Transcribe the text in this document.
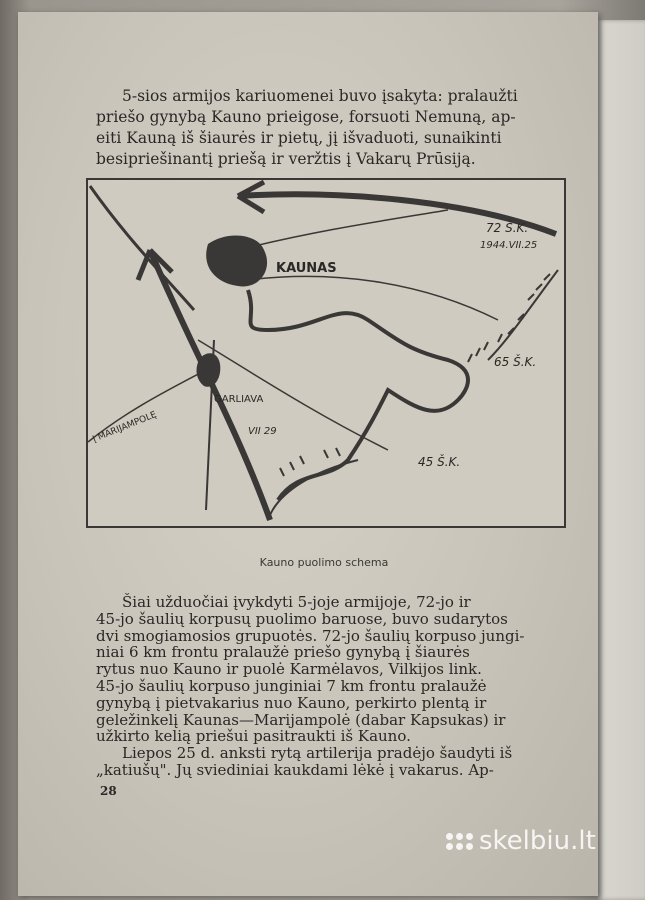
5-sios armijos kariuomenei buvo įsakyta: pralaužti
priešo gynybą Kauno prieigose, forsuoti Nemuną, ap-
eiti Kauną iš šiaurės ir pietų, jį išvaduoti, sunaikinti
besipriešinantį priešą ir veržtis į Vakarų Prūsiją.
KAUNAS
GARLIAVA
Į MARIJAMPOLĘ	VII 29
72 Š.K.
1944.VII.25
65 Š.K.
45 Š.K.
Kauno puolimo schema
Šiai užduočiai įvykdyti 5-joje armijoje, 72-jo ir
45-jo šaulių korpusų puolimo baruose, buvo sudarytos
dvi smogiamosios grupuotės. 72-jo šaulių korpuso jungi-
niai 6 km frontu pralaužė priešo gynybą į šiaurės
rytus nuo Kauno ir puolė Karmėlavos, Vilkijos link.
45-jo šaulių korpuso junginiai 7 km frontu pralaužė
gynybą į pietvakarius nuo Kauno, perkirto plentą ir
geležinkelį Kaunas—Marijampolė (dabar Kapsukas) ir
užkirto kelią priešui pasitraukti iš Kauno.
Liepos 25 d. anksti rytą artilerija pradėjo šaudyti iš
„katiušų". Jų sviediniai kaukdami lėkė į vakarus. Ap-
28
skelbiu.lt
